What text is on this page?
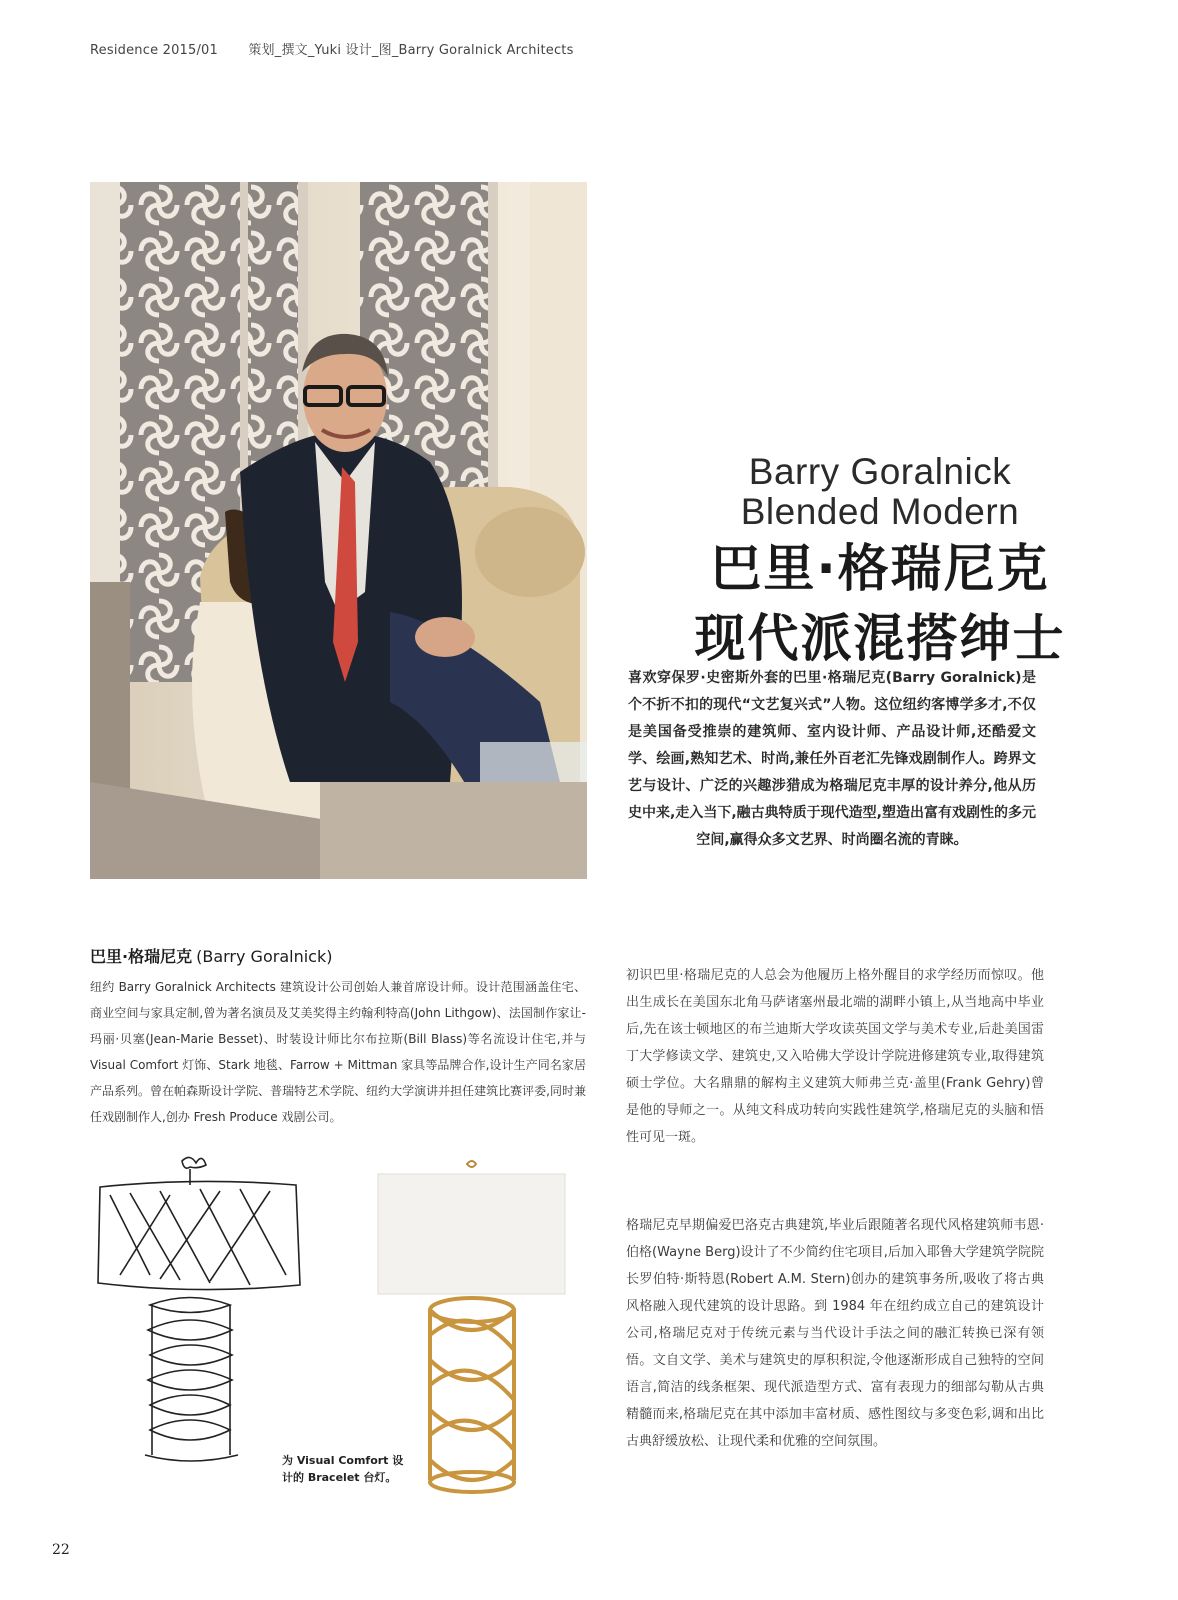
Residence 2015/01 策划_撰文_Yuki 设计_图_Barry Goralnick Architects
Barry Goralnick
Blended Modern
巴里·格瑞尼克
现代派混搭绅士
喜欢穿保罗·史密斯外套的巴里·格瑞尼克(Barry Goralnick)是个不折不扣的现代“文艺复兴式”人物。这位纽约客博学多才,不仅是美国备受推崇的建筑师、室内设计师、产品设计师,还酷爱文学、绘画,熟知艺术、时尚,兼任外百老汇先锋戏剧制作人。跨界文艺与设计、广泛的兴趣涉猎成为格瑞尼克丰厚的设计养分,他从历史中来,走入当下,融古典特质于现代造型,塑造出富有戏剧性的多元空间,赢得众多文艺界、时尚圈名流的青睐。
巴里·格瑞尼克 (Barry Goralnick)
纽约 Barry Goralnick Architects 建筑设计公司创始人兼首席设计师。设计范围涵盖住宅、商业空间与家具定制,曾为著名演员及艾美奖得主约翰利特高(John Lithgow)、法国制作家让-玛丽·贝塞(Jean-Marie Besset)、时装设计师比尔布拉斯(Bill Blass)等名流设计住宅,并与 Visual Comfort 灯饰、Stark 地毯、Farrow + Mittman 家具等品牌合作,设计生产同名家居产品系列。曾在帕森斯设计学院、普瑞特艺术学院、纽约大学演讲并担任建筑比赛评委,同时兼任戏剧制作人,创办 Fresh Produce 戏剧公司。
初识巴里·格瑞尼克的人总会为他履历上格外醒目的求学经历而惊叹。他出生成长在美国东北角马萨诸塞州最北端的湖畔小镇上,从当地高中毕业后,先在该士顿地区的布兰迪斯大学攻读英国文学与美术专业,后赴美国雷丁大学修读文学、建筑史,又入哈佛大学设计学院进修建筑专业,取得建筑硕士学位。大名鼎鼎的解构主义建筑大师弗兰克·盖里(Frank Gehry)曾是他的导师之一。从纯文科成功转向实践性建筑学,格瑞尼克的头脑和悟性可见一斑。
格瑞尼克早期偏爱巴洛克古典建筑,毕业后跟随著名现代风格建筑师韦恩·伯格(Wayne Berg)设计了不少简约住宅项目,后加入耶鲁大学建筑学院院长罗伯特·斯特恩(Robert A.M. Stern)创办的建筑事务所,吸收了将古典风格融入现代建筑的设计思路。到 1984 年在纽约成立自己的建筑设计公司,格瑞尼克对于传统元素与当代设计手法之间的融汇转换已深有领悟。文自文学、美术与建筑史的厚积积淀,令他逐渐形成自己独特的空间语言,简洁的线条框架、现代派造型方式、富有表现力的细部勾勒从古典精髓而来,格瑞尼克在其中添加丰富材质、感性图纹与多变色彩,调和出比古典舒缓放松、让现代柔和优雅的空间氛围。
为 Visual Comfort 设计的 Bracelet 台灯。
22
